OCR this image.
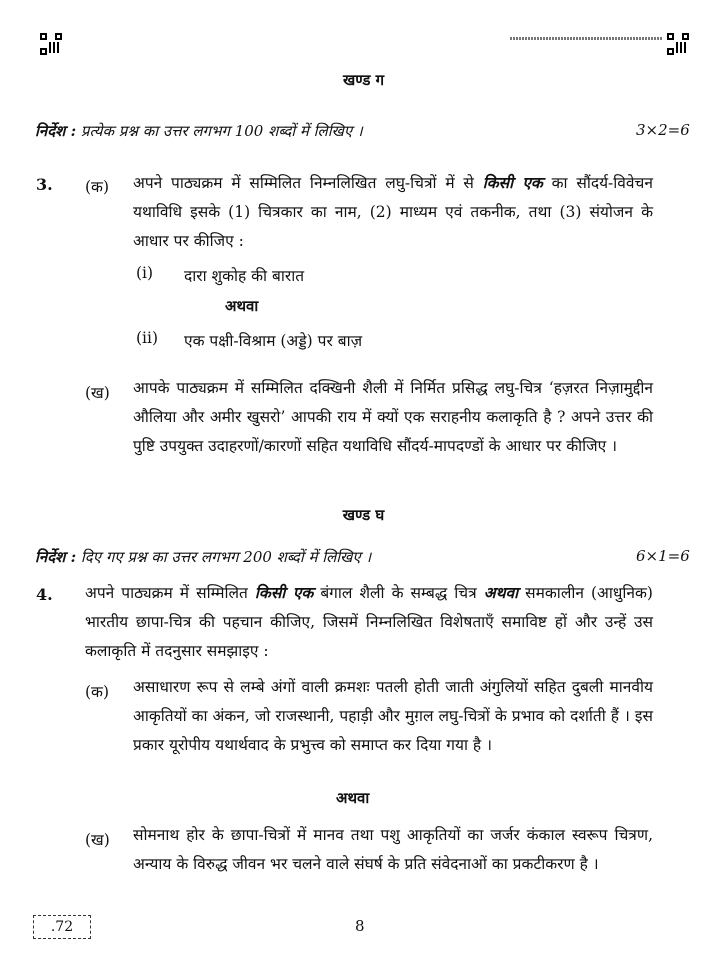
खण्ड ग
निर्देश : प्रत्येक प्रश्न का उत्तर लगभग 100 शब्दों में लिखिए ।	3×2=6
3. (क) अपने पाठ्यक्रम में सम्मिलित निम्नलिखित लघु-चित्रों में से किसी एक का सौंदर्य-विवेचन यथाविधि इसके (1) चित्रकार का नाम, (2) माध्यम एवं तकनीक, तथा (3) संयोजन के आधार पर कीजिए :
(i) दारा शुकोह की बारात
अथवा
(ii) एक पक्षी-विश्राम (अड्डे) पर बाज़
(ख) आपके पाठ्यक्रम में सम्मिलित दक्खिनी शैली में निर्मित प्रसिद्ध लघु-चित्र ‘हज़रत निज़ामुद्दीन औलिया और अमीर खुसरो’ आपकी राय में क्यों एक सराहनीय कलाकृति है ? अपने उत्तर की पुष्टि उपयुक्त उदाहरणों/कारणों सहित यथाविधि सौंदर्य-मापदण्डों के आधार पर कीजिए ।
खण्ड घ
निर्देश : दिए गए प्रश्न का उत्तर लगभग 200 शब्दों में लिखिए ।	6×1=6
4. अपने पाठ्यक्रम में सम्मिलित किसी एक बंगाल शैली के सम्बद्ध चित्र अथवा समकालीन (आधुनिक) भारतीय छापा-चित्र की पहचान कीजिए, जिसमें निम्नलिखित विशेषताएँ समाविष्ट हों और उन्हें उस कलाकृति में तदनुसार समझाइए :
(क) असाधारण रूप से लम्बे अंगों वाली क्रमशः पतली होती जाती अंगुलियों सहित दुबली मानवीय आकृतियों का अंकन, जो राजस्थानी, पहाड़ी और मुग़ल लघु-चित्रों के प्रभाव को दर्शाती हैं । इस प्रकार यूरोपीय यथार्थवाद के प्रभुत्त्व को समाप्त कर दिया गया है ।
अथवा
(ख) सोमनाथ होर के छापा-चित्रों में मानव तथा पशु आकृतियों का जर्जर कंकाल स्वरूप चित्रण, अन्याय के विरुद्ध जीवन भर चलने वाले संघर्ष के प्रति संवेदनाओं का प्रकटीकरण है ।
.72	8
